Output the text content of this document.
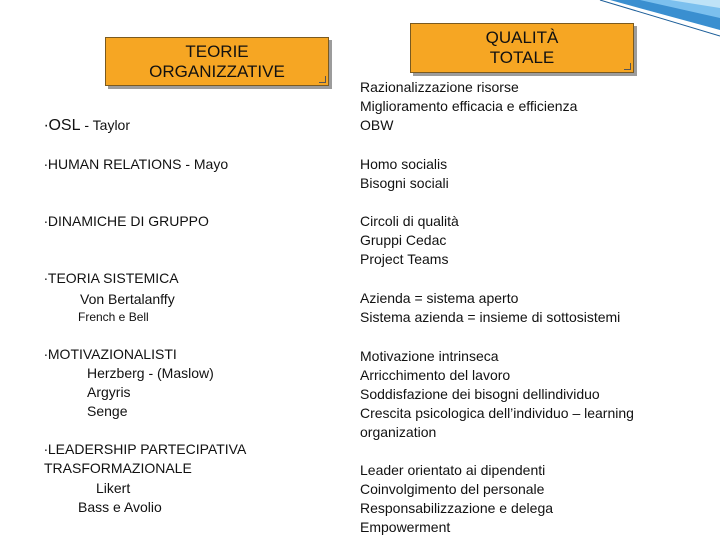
TEORIE
ORGANIZZATIVE
QUALITÀ
TOTALE
∙OSL - Taylor
Razionalizzazione risorse
Miglioramento efficacia e efficienza
OBW
∙HUMAN RELATIONS - Mayo	Homo socialis
Bisogni sociali
∙DINAMICHE DI GRUPPO	Circoli di qualità
Gruppi Cedac
Project Teams
∙TEORIA SISTEMICA
Von Bertalanffy
French e Bell
Azienda = sistema aperto
Sistema azienda = insieme di sottosistemi
∙MOTIVAZIONALISTI
Herzberg - (Maslow)
Argyris
Senge
Motivazione intrinseca
Arricchimento del lavoro
Soddisfazione dei bisogni dellindividuo
Crescita psicologica dell’individuo – learning
organization
∙LEADERSHIP PARTECIPATIVA
TRASFORMAZIONALE
Likert
Bass e Avolio
Leader orientato ai dipendenti
Coinvolgimento del personale
Responsabilizzazione e delega
Empowerment
